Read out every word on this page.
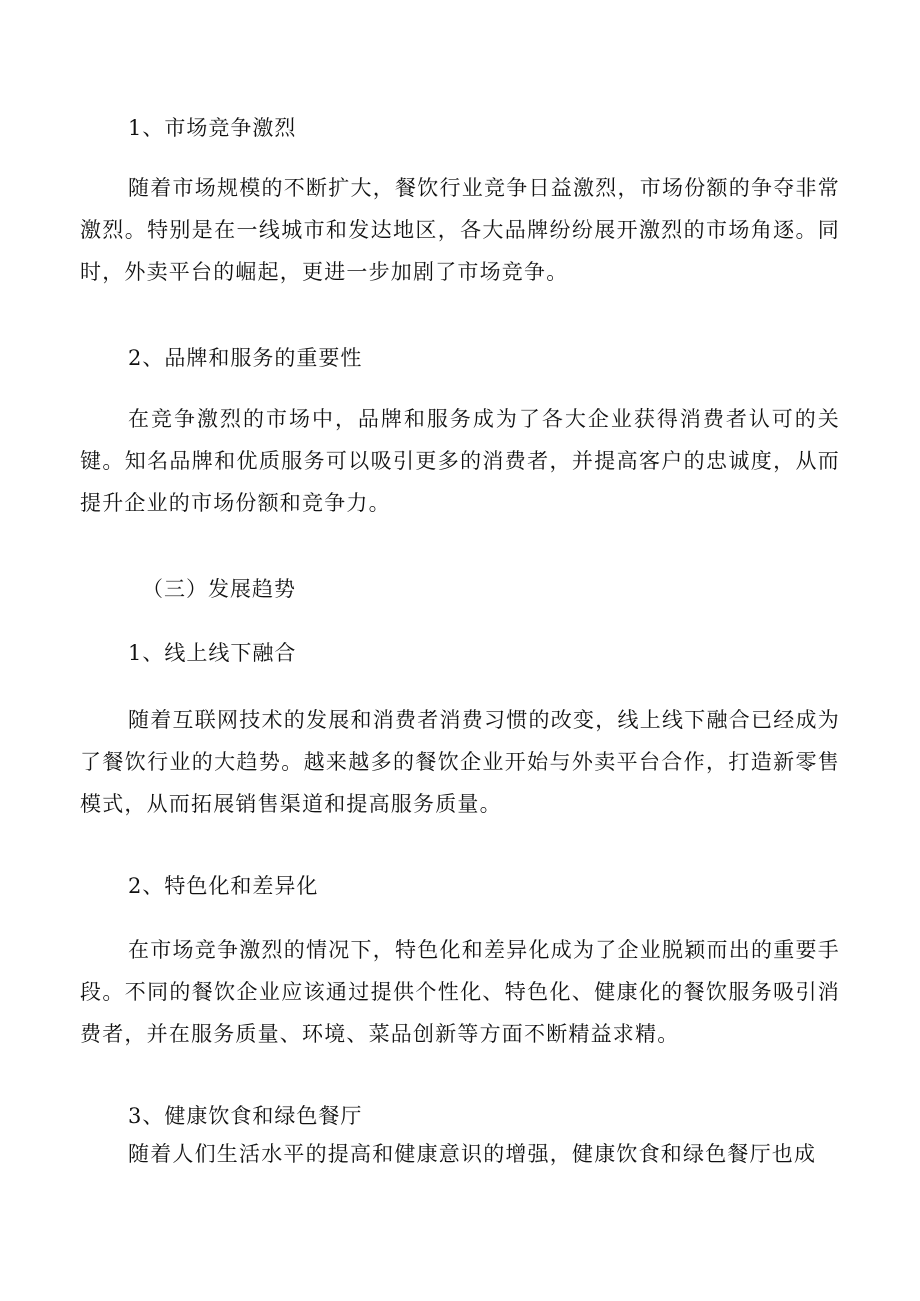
1、市场竞争激烈
随着市场规模的不断扩大，餐饮行业竞争日益激烈，市场份额的争夺非常激烈。特别是在一线城市和发达地区，各大品牌纷纷展开激烈的市场角逐。同时，外卖平台的崛起，更进一步加剧了市场竞争。
2、品牌和服务的重要性
在竞争激烈的市场中，品牌和服务成为了各大企业获得消费者认可的关键。知名品牌和优质服务可以吸引更多的消费者，并提高客户的忠诚度，从而提升企业的市场份额和竞争力。
（三）发展趋势
1、线上线下融合
随着互联网技术的发展和消费者消费习惯的改变，线上线下融合已经成为了餐饮行业的大趋势。越来越多的餐饮企业开始与外卖平台合作，打造新零售模式，从而拓展销售渠道和提高服务质量。
2、特色化和差异化
在市场竞争激烈的情况下，特色化和差异化成为了企业脱颖而出的重要手段。不同的餐饮企业应该通过提供个性化、特色化、健康化的餐饮服务吸引消费者，并在服务质量、环境、菜品创新等方面不断精益求精。
3、健康饮食和绿色餐厅
随着人们生活水平的提高和健康意识的增强，健康饮食和绿色餐厅也成
